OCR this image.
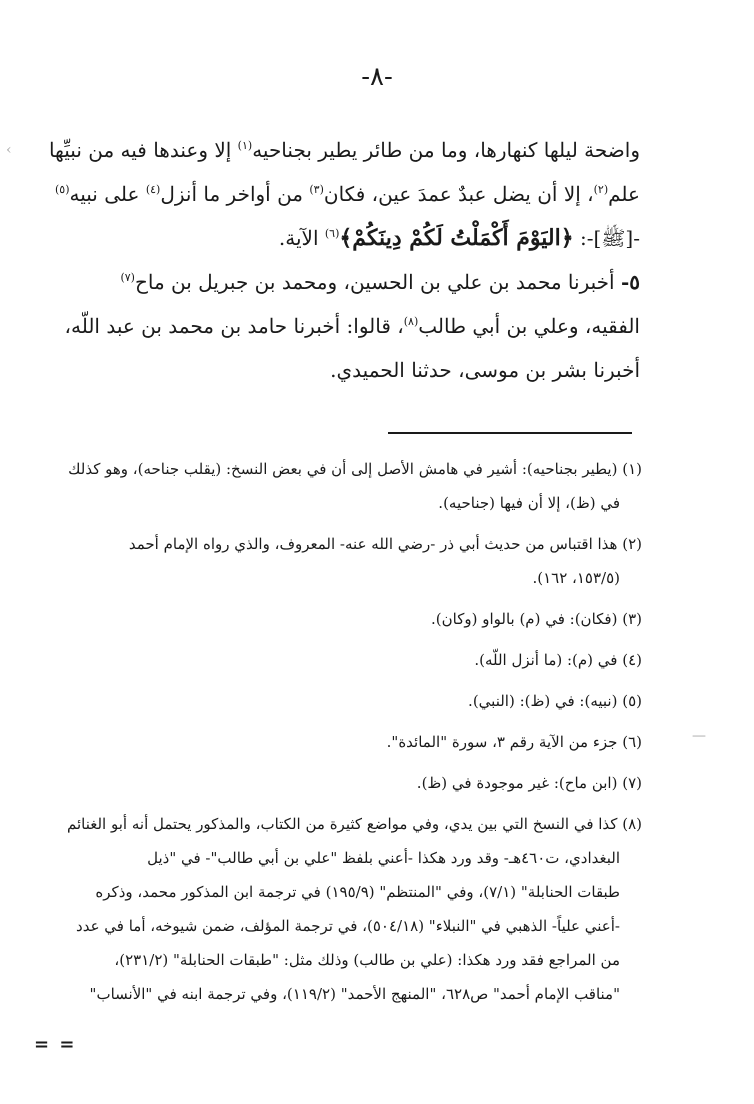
-٨-

واضحة ليلها كنهارها، وما من طائر يطير بجناحيه$^{(١)}$ إلا وعندها فيه من نبيِّها
علم$^{(٢)}$، إلا أن يضل عبدٌ عمدَ عين، فكان$^{(٣)}$ من أواخر ما أنزل$^{(٤)}$ على نبيه$^{(٥)}$
-[ﷺ]-: ﴿اليَوْمَ أَكْمَلْتُ لَكُمْ دِينَكُمْ﴾$^{(٦)}$ الآية.

٥- أخبرنا محمد بن علي بن الحسين، ومحمد بن جبريل بن ماح$^{(٧)}$
الفقيه، وعلي بن أبي طالب$^{(٨)}$، قالوا: أخبرنا حامد بن محمد بن عبد اللّه،
أخبرنا بشر بن موسى، حدثنا الحميدي.

(١) (يطير بجناحيه): أشير في هامش الأصل إلى أن في بعض النسخ: (يقلب جناحه)، وهو كذلك
في (ظ)، إلا أن فيها (جناحيه).
(٢) هذا اقتباس من حديث أبي ذر -رضي الله عنه- المعروف، والذي رواه الإمام أحمد
(١٥٣/٥، ١٦٢).
(٣) (فكان): في (م) بالواو (وكان).
(٤) في (م): (ما أنزل اللّه).
(٥) (نبيه): في (ظ): (النبي).
(٦) جزء من الآية رقم ٣، سورة "المائدة".
(٧) (ابن ماح): غير موجودة في (ظ).
(٨) كذا في النسخ التي بين يدي، وفي مواضع كثيرة من الكتاب، والمذكور يحتمل أنه أبو الغنائم
البغدادي، ت٤٦٠هـ- وقد ورد هكذا -أعني بلفظ "علي بن أبي طالب"- في "ذيل
طبقات الحنابلة" (٧/١)، وفي "المنتظم" (١٩٥/٩) في ترجمة ابن المذكور محمد، وذكره
-أعني علياً- الذهبي في "النبلاء" (٥٠٤/١٨)، في ترجمة المؤلف، ضمن شيوخه، أما في عدد
من المراجع فقد ورد هكذا: (علي بن طالب) وذلك مثل: "طبقات الحنابلة" (٢٣١/٢)،
"مناقب الإمام أحمد" ص٦٢٨، "المنهج الأحمد" (١١٩/٢)، وفي ترجمة ابنه في "الأنساب"
= =
‹
—
